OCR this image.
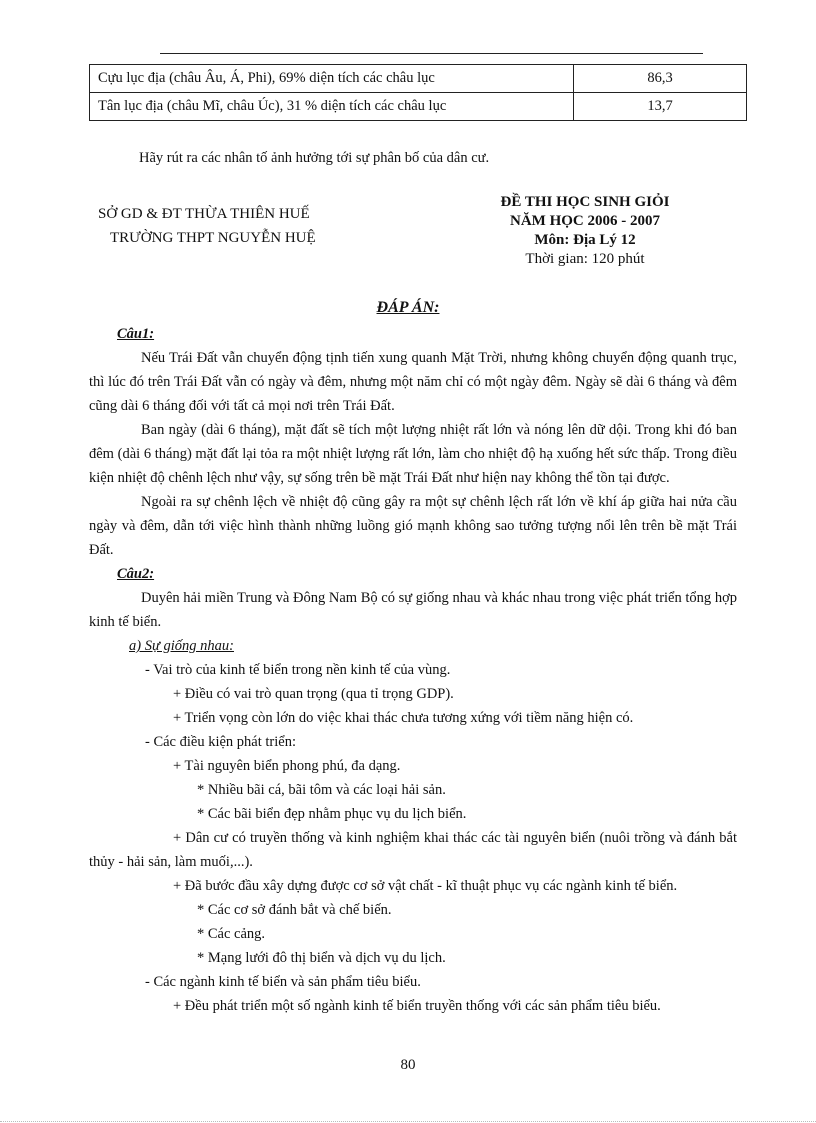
Cựu lục địa (châu Âu, Á, Phi), 69% diện tích các châu lục	86,3
Tân lục địa (châu Mĩ, châu Úc), 31 % diện tích các châu lục	13,7
Hãy rút ra các nhân tố ảnh hưởng tới sự phân bố của dân cư.
SỞ GD & ĐT THỪA THIÊN HUẾ
TRƯỜNG THPT NGUYỄN HUỆ
ĐỀ THI HỌC SINH GIỎI
NĂM HỌC 2006 - 2007
Môn: Địa Lý 12
Thời gian: 120 phút
ĐÁP ÁN:

Câu1:

Nếu Trái Đất vẫn chuyển động tịnh tiến xung quanh Mặt Trời, nhưng không chuyển động quanh trục, thì lúc đó trên Trái Đất vẫn có ngày và đêm, nhưng một năm chỉ có một ngày đêm. Ngày sẽ dài 6 tháng và đêm cũng dài 6 tháng đối với tất cả mọi nơi trên Trái Đất.

Ban ngày (dài 6 tháng), mặt đất sẽ tích một lượng nhiệt rất lớn và nóng lên dữ dội. Trong khi đó ban đêm (dài 6 tháng) mặt đất lại tỏa ra một nhiệt lượng rất lớn, làm cho nhiệt độ hạ xuống hết sức thấp. Trong điều kiện nhiệt độ chênh lệch như vậy, sự sống trên bề mặt Trái Đất như hiện nay không thể tồn tại được.

Ngoài ra sự chênh lệch về nhiệt độ cũng gây ra một sự chênh lệch rất lớn về khí áp giữa hai nửa cầu ngày và đêm, dẫn tới việc hình thành những luồng gió mạnh không sao tưởng tượng nổi lên trên bề mặt Trái Đất.

Câu2:

Duyên hải miền Trung và Đông Nam Bộ có sự giống nhau và khác nhau trong việc phát triển tổng hợp kinh tế biển.

a) Sự giống nhau:

- Vai trò của kinh tế biển trong nền kinh tế của vùng.

+ Điều có vai trò quan trọng (qua tỉ trọng GDP).

+ Triển vọng còn lớn do việc khai thác chưa tương xứng với tiềm năng hiện có.

- Các điều kiện phát triển:

+ Tài nguyên biển phong phú, đa dạng.

* Nhiều bãi cá, bãi tôm và các loại hải sản.

* Các bãi biển đẹp nhằm phục vụ du lịch biển.

+ Dân cư có truyền thống và kinh nghiệm khai thác các tài nguyên biển (nuôi trồng và đánh bắt thủy - hải sản, làm muối,...).

+ Đã bước đầu xây dựng được cơ sở vật chất - kĩ thuật phục vụ các ngành kinh tế biển.

* Các cơ sở đánh bắt và chế biến.

* Các cảng.

* Mạng lưới đô thị biển và dịch vụ du lịch.

- Các ngành kinh tế biển và sản phẩm tiêu biểu.

+ Đều phát triển một số ngành kinh tế biển truyền thống với các sản phẩm tiêu biểu.

80
